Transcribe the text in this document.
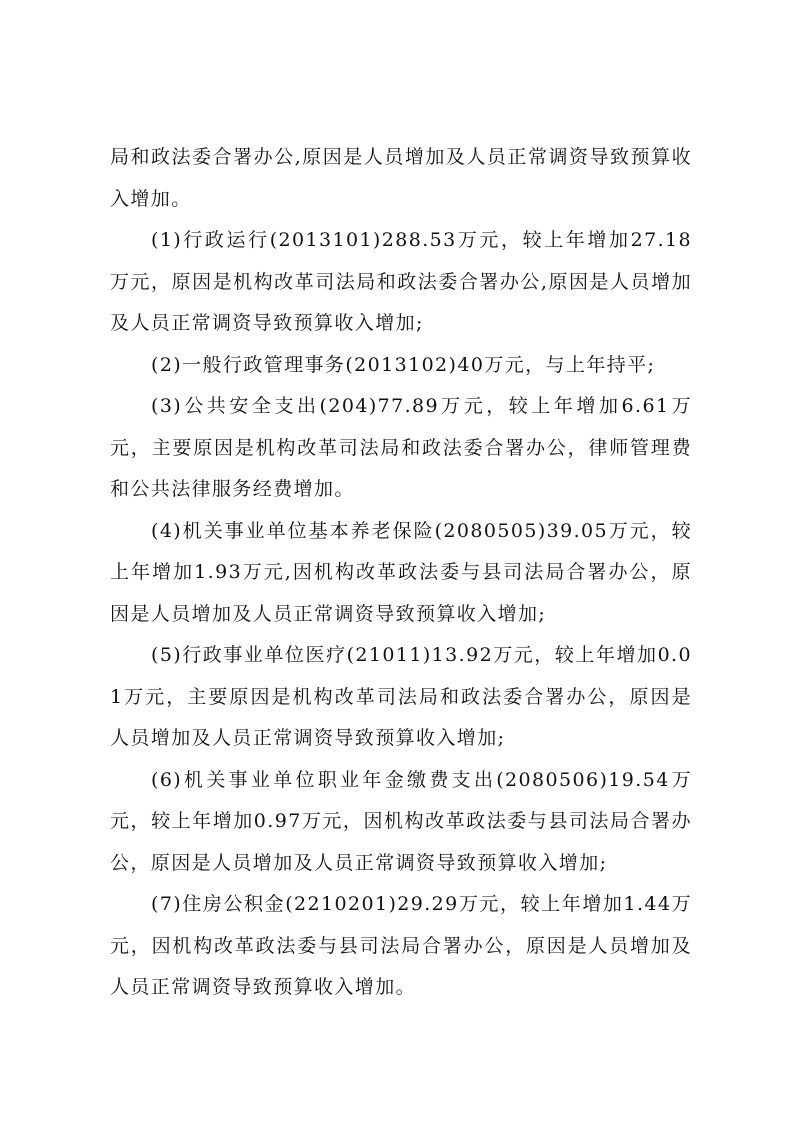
局和政法委合署办公,原因是人员增加及人员正常调资导致预算收入增加。

(1)行政运行(2013101)288.53万元，较上年增加27.18万元，原因是机构改革司法局和政法委合署办公,原因是人员增加及人员正常调资导致预算收入增加;

(2)一般行政管理事务(2013102)40万元，与上年持平;

(3)公共安全支出(204)77.89万元，较上年增加6.61万元，主要原因是机构改革司法局和政法委合署办公，律师管理费和公共法律服务经费增加。

(4)机关事业单位基本养老保险(2080505)39.05万元，较上年增加1.93万元,因机构改革政法委与县司法局合署办公，原因是人员增加及人员正常调资导致预算收入增加;

(5)行政事业单位医疗(21011)13.92万元，较上年增加0.01万元，主要原因是机构改革司法局和政法委合署办公，原因是人员增加及人员正常调资导致预算收入增加;

(6)机关事业单位职业年金缴费支出(2080506)19.54万元，较上年增加0.97万元，因机构改革政法委与县司法局合署办公，原因是人员增加及人员正常调资导致预算收入增加;

(7)住房公积金(2210201)29.29万元，较上年增加1.44万元，因机构改革政法委与县司法局合署办公，原因是人员增加及人员正常调资导致预算收入增加。
